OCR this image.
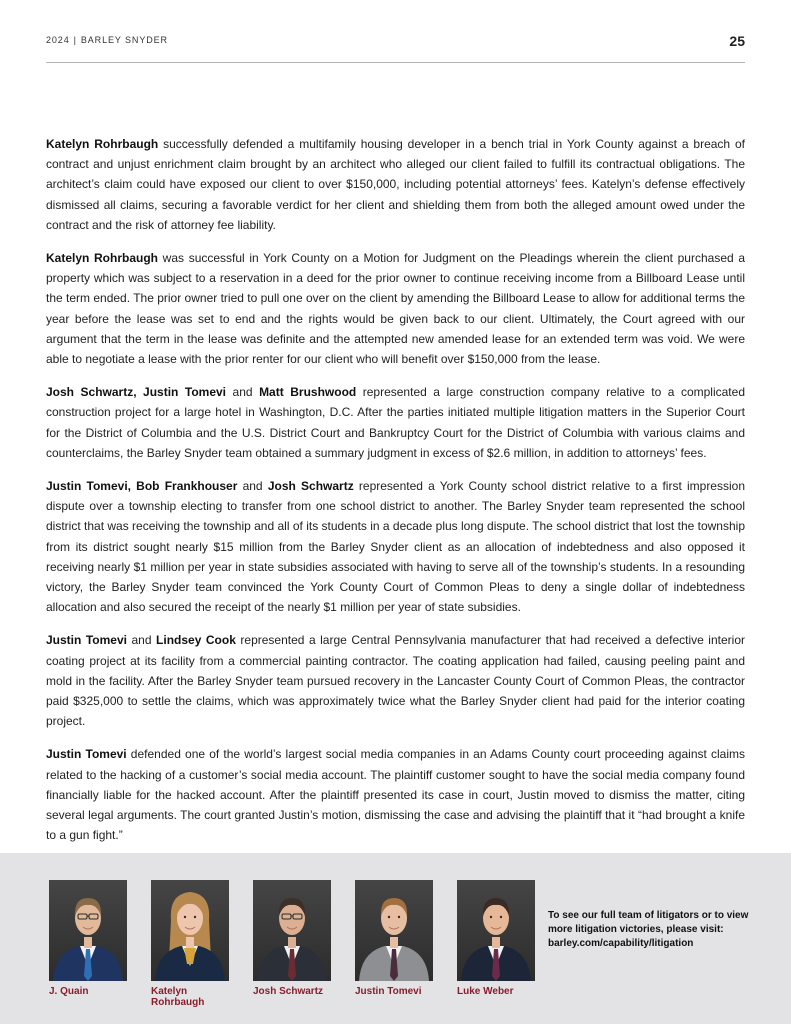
2024 | BARLEY SNYDER	25

Katelyn Rohrbaugh successfully defended a multifamily housing developer in a bench trial in York County against a breach of contract and unjust enrichment claim brought by an architect who alleged our client failed to fulfill its contractual obligations. The architect’s claim could have exposed our client to over $150,000, including potential attorneys’ fees. Katelyn’s defense effectively dismissed all claims, securing a favorable verdict for her client and shielding them from both the alleged amount owed under the contract and the risk of attorney fee liability.

Katelyn Rohrbaugh was successful in York County on a Motion for Judgment on the Pleadings wherein the client purchased a property which was subject to a reservation in a deed for the prior owner to continue receiving income from a Billboard Lease until the term ended. The prior owner tried to pull one over on the client by amending the Billboard Lease to allow for additional terms the year before the lease was set to end and the rights would be given back to our client. Ultimately, the Court agreed with our argument that the term in the lease was definite and the attempted new amended lease for an extended term was void. We were able to negotiate a lease with the prior renter for our client who will benefit over $150,000 from the lease.

Josh Schwartz, Justin Tomevi and Matt Brushwood represented a large construction company relative to a complicated construction project for a large hotel in Washington, D.C. After the parties initiated multiple litigation matters in the Superior Court for the District of Columbia and the U.S. District Court and Bankruptcy Court for the District of Columbia with various claims and counterclaims, the Barley Snyder team obtained a summary judgment in excess of $2.6 million, in addition to attorneys’ fees.

Justin Tomevi, Bob Frankhouser and Josh Schwartz represented a York County school district relative to a first impression dispute over a township electing to transfer from one school district to another. The Barley Snyder team represented the school district that was receiving the township and all of its students in a decade plus long dispute. The school district that lost the township from its district sought nearly $15 million from the Barley Snyder client as an allocation of indebtedness and also opposed it receiving nearly $1 million per year in state subsidies associated with having to serve all of the township’s students. In a resounding victory, the Barley Snyder team convinced the York County Court of Common Pleas to deny a single dollar of indebtedness allocation and also secured the receipt of the nearly $1 million per year of state subsidies.

Justin Tomevi and Lindsey Cook represented a large Central Pennsylvania manufacturer that had received a defective interior coating project at its facility from a commercial painting contractor. The coating application had failed, causing peeling paint and mold in the facility. After the Barley Snyder team pursued recovery in the Lancaster County Court of Common Pleas, the contractor paid $325,000 to settle the claims, which was approximately twice what the Barley Snyder client had paid for the interior coating project.

Justin Tomevi defended one of the world’s largest social media companies in an Adams County court proceeding against claims related to the hacking of a customer’s social media account. The plaintiff customer sought to have the social media company found financially liable for the hacked account. After the plaintiff presented its case in court, Justin moved to dismiss the matter, citing several legal arguments. The court granted Justin’s motion, dismissing the case and advising the plaintiff that it “had brought a knife to a gun fight.”

J. Quain	Katelyn Rohrbaugh
Josh Schwartz	Justin Tomevi	Luke Weber
To see our full team of litigators or to view more litigation victories, please visit: barley.com/capability/litigation
